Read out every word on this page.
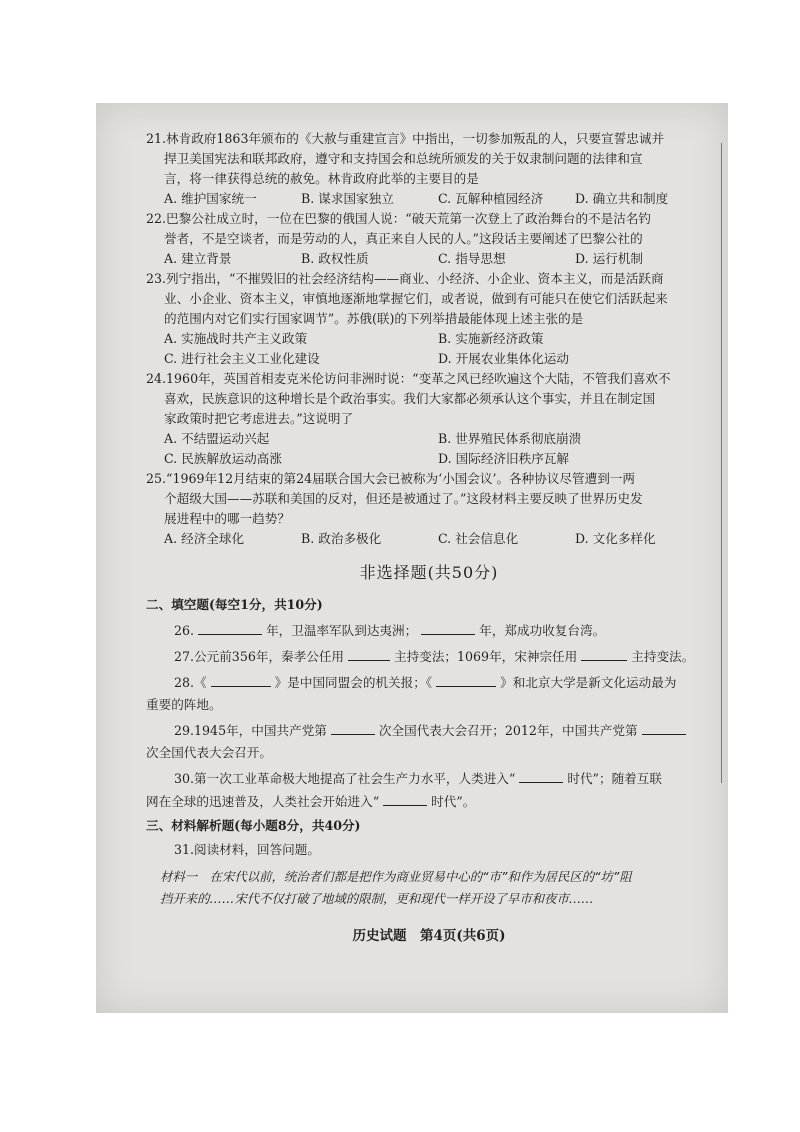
21.林肯政府1863年颁布的《大赦与重建宣言》中指出，一切参加叛乱的人，只要宣誓忠诚并
捍卫美国宪法和联邦政府，遵守和支持国会和总统所颁发的关于奴隶制问题的法律和宣
言，将一律获得总统的赦免。林肯政府此举的主要目的是
A. 维护国家统一	B. 谋求国家独立	C. 瓦解种植园经济	D. 确立共和制度
22.巴黎公社成立时，一位在巴黎的俄国人说：“破天荒第一次登上了政治舞台的不是沽名钓
誉者，不是空谈者，而是劳动的人，真正来自人民的人。”这段话主要阐述了巴黎公社的
A. 建立背景	B. 政权性质	C. 指导思想	D. 运行机制
23.列宁指出，“不摧毁旧的社会经济结构——商业、小经济、小企业、资本主义，而是活跃商
业、小企业、资本主义，审慎地逐渐地掌握它们，或者说，做到有可能只在使它们活跃起来
的范围内对它们实行国家调节”。苏俄(联)的下列举措最能体现上述主张的是
A. 实施战时共产主义政策	B. 实施新经济政策
C. 进行社会主义工业化建设	D. 开展农业集体化运动
24.1960年，英国首相麦克米伦访问非洲时说：“变革之风已经吹遍这个大陆，不管我们喜欢不
喜欢，民族意识的这种增长是个政治事实。我们大家都必须承认这个事实，并且在制定国
家政策时把它考虑进去。”这说明了
A. 不结盟运动兴起	B. 世界殖民体系彻底崩溃
C. 民族解放运动高涨	D. 国际经济旧秩序瓦解
25.“1969年12月结束的第24届联合国大会已被称为‘小国会议’。各种协议尽管遭到一两
个超级大国——苏联和美国的反对，但还是被通过了。”这段材料主要反映了世界历史发
展进程中的哪一趋势？
A. 经济全球化	B. 政治多极化	C. 社会信息化	D. 文化多样化
非选择题(共50分)
二、填空题(每空1分，共10分)
26.	年，卫温率军队到达夷洲；	年，郑成功收复台湾。
27.公元前356年，秦孝公任用	主持变法；1069年，宋神宗任用	主持变法。
28.《	》是中国同盟会的机关报；《	》和北京大学是新文化运动最为
重要的阵地。
29.1945年，中国共产党第	次全国代表大会召开；2012年，中国共产党第
次全国代表大会召开。
30.第一次工业革命极大地提高了社会生产力水平，人类进入“	时代”；随着互联
网在全球的迅速普及，人类社会开始进入“	时代”。
三、材料解析题(每小题8分，共40分)
31.阅读材料，回答问题。
材料一　在宋代以前，统治者们都是把作为商业贸易中心的“市”和作为居民区的“坊”阻
挡开来的……宋代不仅打破了地域的限制，更和现代一样开设了早市和夜市……
历史试题　第4页(共6页)
